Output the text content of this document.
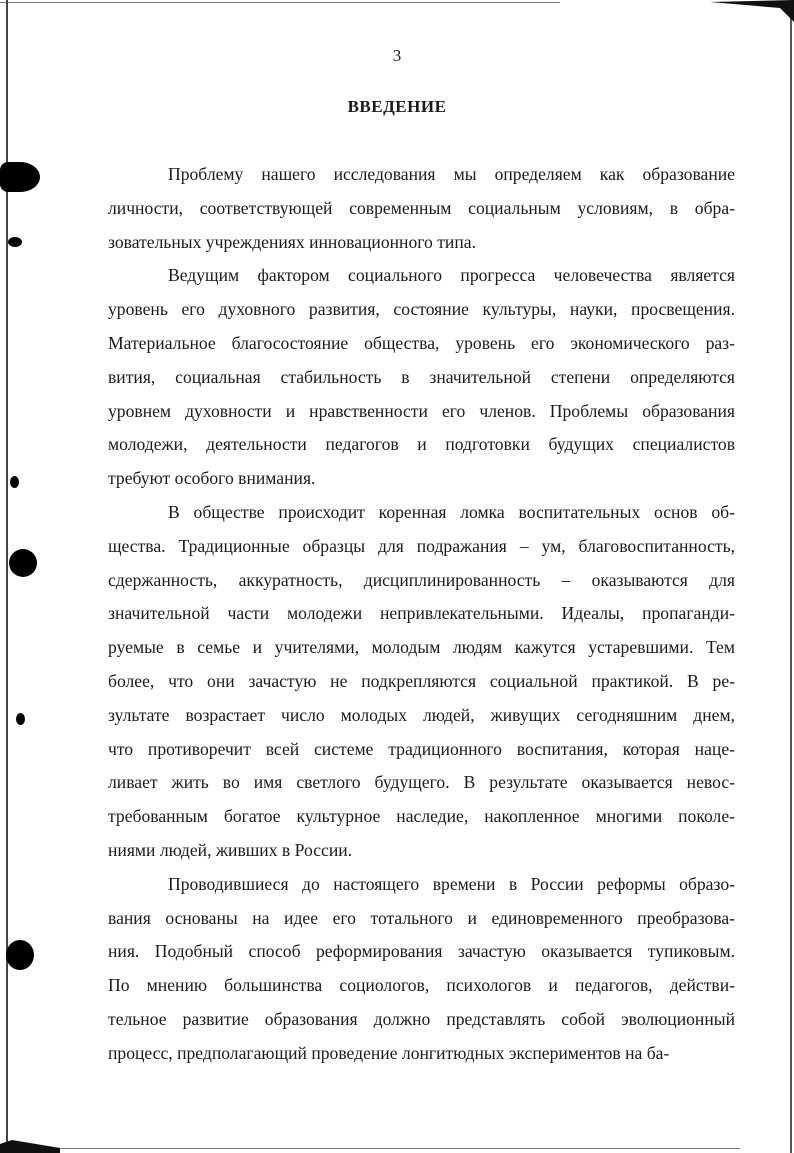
3
ВВЕДЕНИЕ
Проблему нашего исследования мы определяем как образование
личности, соответствующей современным социальным условиям, в обра-
зовательных учреждениях инновационного типа.
Ведущим фактором социального прогресса человечества является
уровень его духовного развития, состояние культуры, науки, просвещения.
Материальное благосостояние общества, уровень его экономического раз-
вития, социальная стабильность в значительной степени определяются
уровнем духовности и нравственности его членов. Проблемы образования
молодежи, деятельности педагогов и подготовки будущих специалистов
требуют особого внимания.
В обществе происходит коренная ломка воспитательных основ об-
щества. Традиционные образцы для подражания – ум, благовоспитанность,
сдержанность, аккуратность, дисциплинированность – оказываются для
значительной части молодежи непривлекательными. Идеалы, пропаганди-
руемые в семье и учителями, молодым людям кажутся устаревшими. Тем
более, что они зачастую не подкрепляются социальной практикой. В ре-
зультате возрастает число молодых людей, живущих сегодняшним днем,
что противоречит всей системе традиционного воспитания, которая наце-
ливает жить во имя светлого будущего. В результате оказывается невос-
требованным богатое культурное наследие, накопленное многими поколе-
ниями людей, живших в России.
Проводившиеся до настоящего времени в России реформы образо-
вания основаны на идее его тотального и единовременного преобразова-
ния. Подобный способ реформирования зачастую оказывается тупиковым.
По мнению большинства социологов, психологов и педагогов, действи-
тельное развитие образования должно представлять собой эволюционный
процесс, предполагающий проведение лонгитюдных экспериментов на ба-
